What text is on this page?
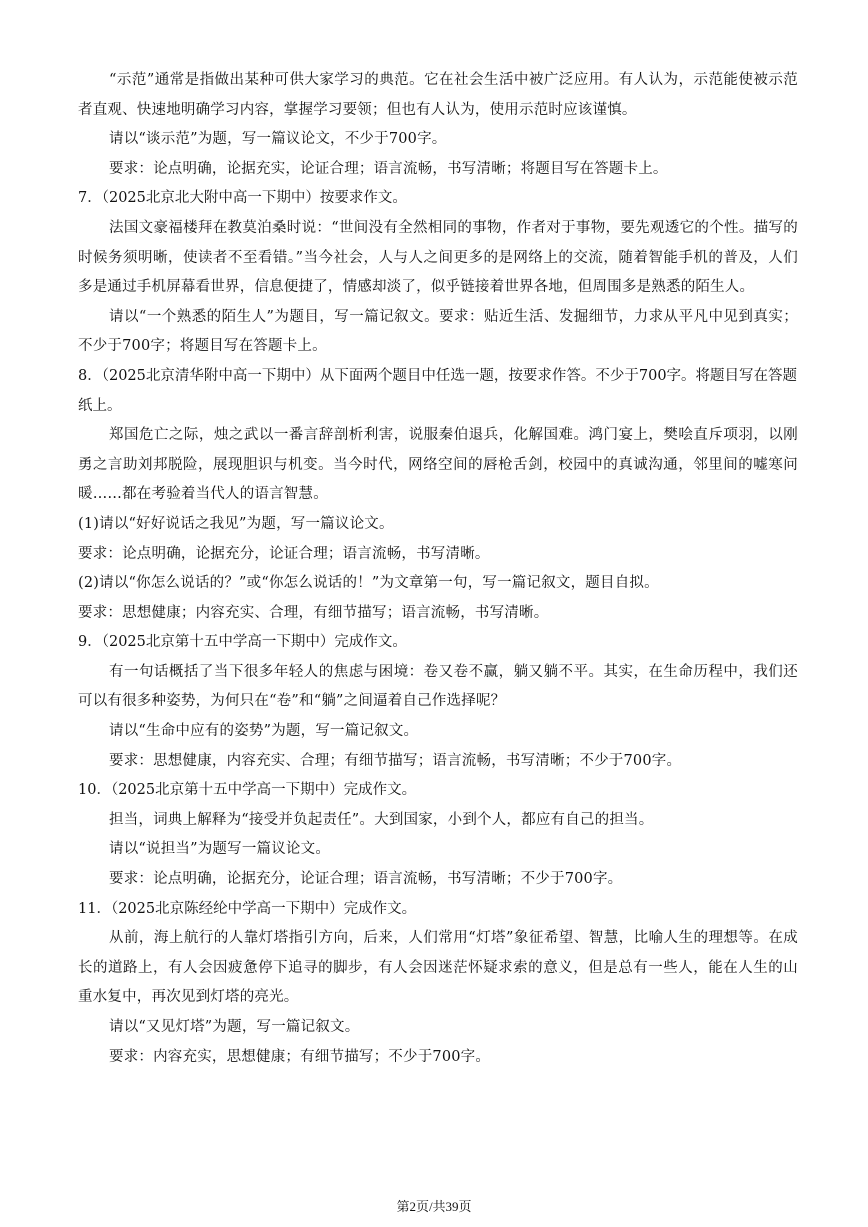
“示范”通常是指做出某种可供大家学习的典范。它在社会生活中被广泛应用。有人认为，示范能使被示范者直观、快速地明确学习内容，掌握学习要领；但也有人认为，使用示范时应该谨慎。

请以“谈示范”为题，写一篇议论文，不少于700字。

要求：论点明确，论据充实，论证合理；语言流畅，书写清晰；将题目写在答题卡上。

7．（2025北京北大附中高一下期中）按要求作文。

法国文豪福楼拜在教莫泊桑时说：“世间没有全然相同的事物，作者对于事物，要先观透它的个性。描写的时候务须明晰，使读者不至看错。”当今社会，人与人之间更多的是网络上的交流，随着智能手机的普及，人们多是通过手机屏幕看世界，信息便捷了，情感却淡了，似乎链接着世界各地，但周围多是熟悉的陌生人。

请以“一个熟悉的陌生人”为题目，写一篇记叙文。要求：贴近生活、发掘细节，力求从平凡中见到真实；不少于700字；将题目写在答题卡上。

8．（2025北京清华附中高一下期中）从下面两个题目中任选一题，按要求作答。不少于700字。将题目写在答题纸上。

郑国危亡之际，烛之武以一番言辞剖析利害，说服秦伯退兵，化解国难。鸿门宴上，樊哙直斥项羽，以刚勇之言助刘邦脱险，展现胆识与机变。当今时代，网络空间的唇枪舌剑，校园中的真诚沟通，邻里间的嘘寒问暖……都在考验着当代人的语言智慧。

(1)请以“好好说话之我见”为题，写一篇议论文。

要求：论点明确，论据充分，论证合理；语言流畅，书写清晰。

(2)请以“你怎么说话的？”或“你怎么说话的！”为文章第一句，写一篇记叙文，题目自拟。

要求：思想健康；内容充实、合理，有细节描写；语言流畅，书写清晰。

9．（2025北京第十五中学高一下期中）完成作文。

有一句话概括了当下很多年轻人的焦虑与困境：卷又卷不赢，躺又躺不平。其实，在生命历程中，我们还可以有很多种姿势，为何只在“卷”和“躺”之间逼着自己作选择呢？

请以“生命中应有的姿势”为题，写一篇记叙文。

要求：思想健康，内容充实、合理；有细节描写；语言流畅，书写清晰；不少于700字。

10．（2025北京第十五中学高一下期中）完成作文。

担当，词典上解释为“接受并负起责任”。大到国家，小到个人，都应有自己的担当。

请以“说担当”为题写一篇议论文。

要求：论点明确，论据充分，论证合理；语言流畅，书写清晰；不少于700字。

11．（2025北京陈经纶中学高一下期中）完成作文。

从前，海上航行的人靠灯塔指引方向，后来，人们常用“灯塔”象征希望、智慧，比喻人生的理想等。在成长的道路上，有人会因疲惫停下追寻的脚步，有人会因迷茫怀疑求索的意义，但是总有一些人，能在人生的山重水复中，再次见到灯塔的亮光。

请以“又见灯塔”为题，写一篇记叙文。

要求：内容充实，思想健康；有细节描写；不少于700字。

第2页/共39页
